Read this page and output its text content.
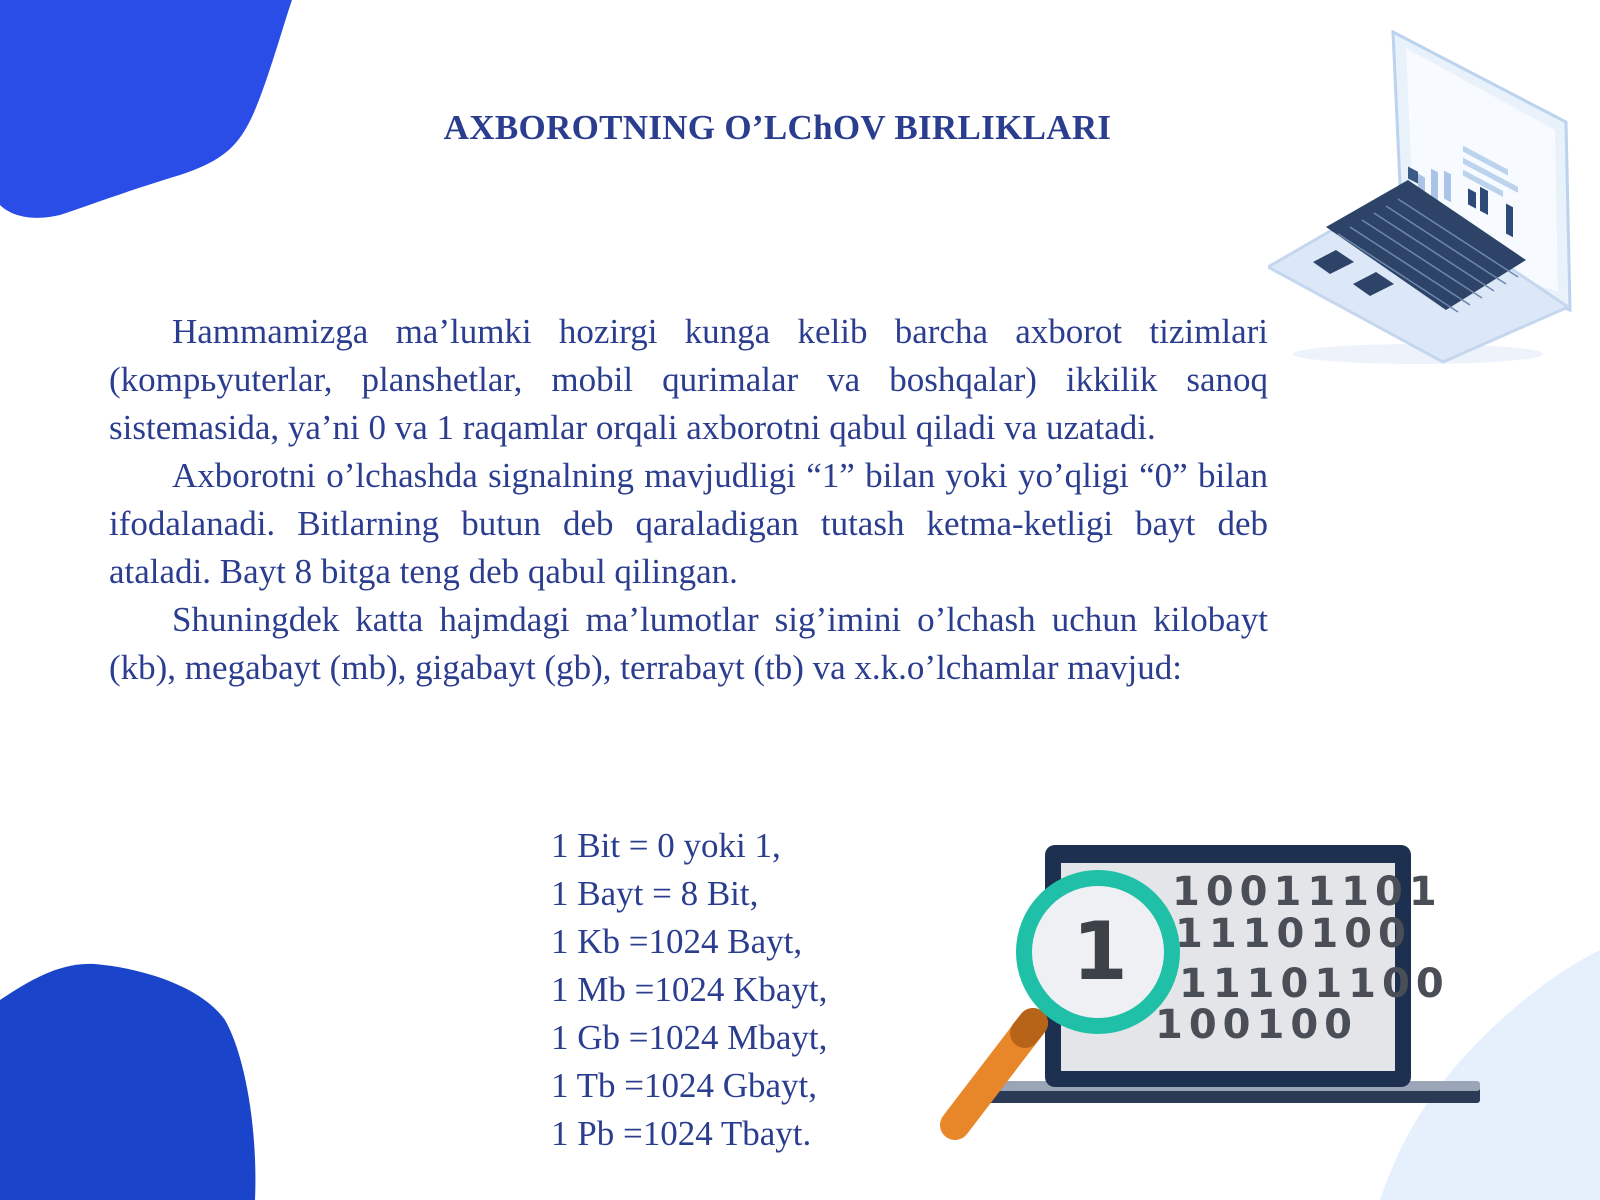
AXBOROTNING O’LChOV BIRLIKLARI

Hammamizga ma’lumki hozirgi kunga kelib barcha axborot tizimlari (kompьyuterlar, planshetlar, mobil qurimalar va boshqalar) ikkilik sanoq sistemasida, ya’ni 0 va 1 raqamlar orqali axborotni qabul qiladi va uzatadi.

Axborotni o’lchashda signalning mavjudligi “1” bilan yoki yo’qligi “0” bilan ifodalanadi. Bitlarning butun deb qaraladigan tutash ketma-ketligi bayt deb ataladi. Bayt 8 bitga teng deb qabul qilingan.

Shuningdek katta hajmdagi ma’lumotlar sig’imini o’lchash uchun kilobayt (kb), megabayt (mb), gigabayt (gb), terrabayt (tb) va x.k.o’lchamlar mavjud:

1 Bit = 0 yoki 1,
1 Bayt = 8 Bit,
1 Kb =1024 Bayt,
1 Mb =1024 Kbayt,
1 Gb =1024 Mbayt,
1 Tb =1024 Gbayt,
1 Pb =1024 Tbayt.
10011101
1110100
11101100
100100
1
